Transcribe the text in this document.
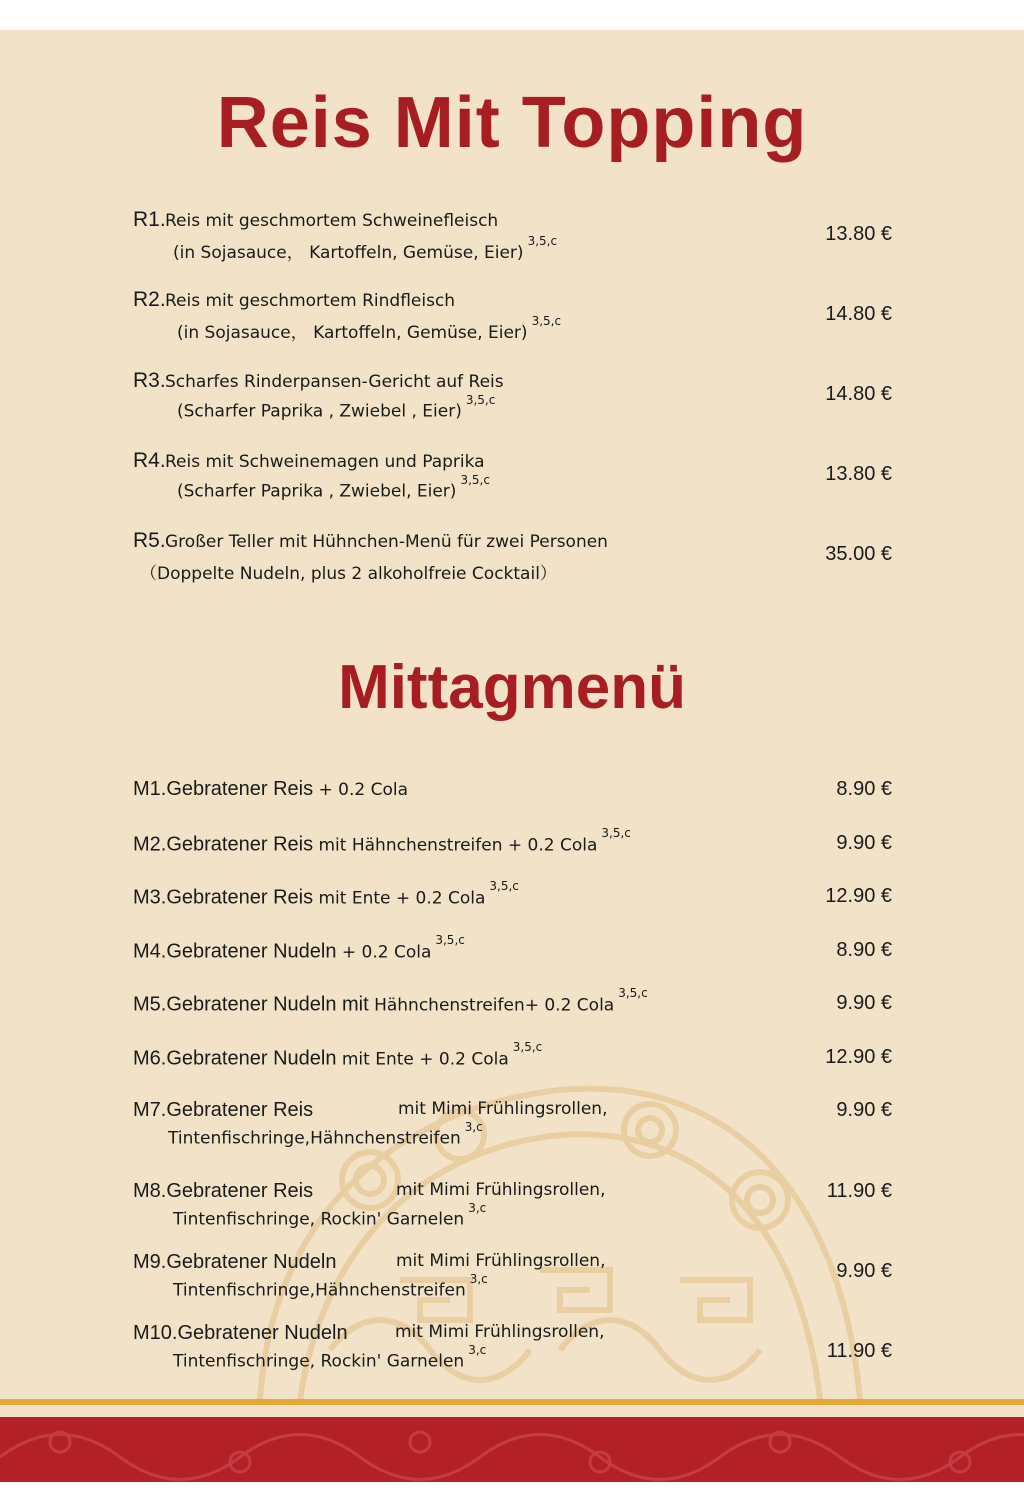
Reis Mit Topping
R1. Reis mit geschmortem Schweinefleisch
(in Sojasauce， Kartoffeln, Gemüse, Eier)$^{3,5,c}$	13.80 €
R2. Reis mit geschmortem Rindfleisch
(in Sojasauce， Kartoffeln, Gemüse, Eier)$^{3,5,c}$	14.80 €
R3. Scharfes Rinderpansen-Gericht auf Reis
(Scharfer Paprika , Zwiebel , Eier)$^{3,5,c}$	14.80 €
R4. Reis mit Schweinemagen und Paprika
(Scharfer Paprika , Zwiebel, Eier)$^{3,5,c}$	13.80 €
R5. Großer Teller mit Hühnchen-Menü für zwei Personen
（Doppelte Nudeln, plus 2 alkoholfreie Cocktail）
35.00 €
Mittagmenü
M1.Gebratener Reis + 0.2 Cola	8.90 €
M2.Gebratener Reis mit Hähnchenstreifen + 0.2 Cola$^{3,5,c}$	9.90 €
M3.Gebratener Reis mit Ente + 0.2 Cola$^{3,5,c}$	12.90 €
M4.Gebratener Nudeln + 0.2 Cola$^{3,5,c}$	8.90 €
M5.Gebratener Nudeln mit Hähnchenstreifen+ 0.2 Cola$^{3,5,c}$	9.90 €
M6.Gebratener Nudeln mit Ente + 0.2 Cola$^{3,5,c}$	12.90 €
M7.Gebratener Reis	mit Mimi Frühlingsrollen,
Tintenfischringe,Hähnchenstreifen$^{3,c}$
9.90 €
M8.Gebratener Reis	mit Mimi Frühlingsrollen,
Tintenfischringe, Rockin' Garnelen$^{3,c}$
11.90 €
M9.Gebratener Nudeln	mit Mimi Frühlingsrollen,
Tintenfischringe,Hähnchenstreifen$^{3,c}$	9.90 €
M10.Gebratener Nudeln	mit Mimi Frühlingsrollen,
Tintenfischringe, Rockin' Garnelen$^{3,c}$	11.90 €
